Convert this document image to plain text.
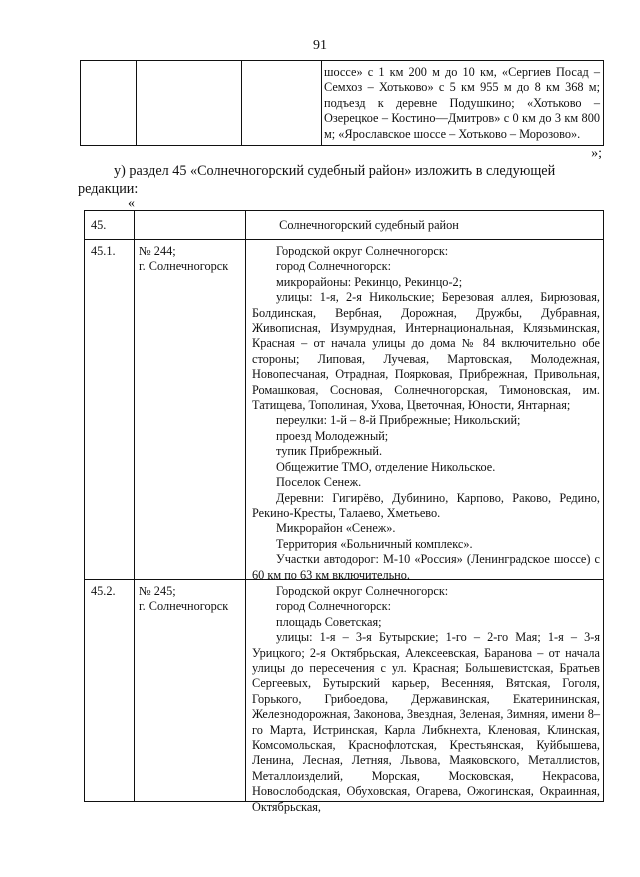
91

шоссе» с 1 км 200 м до 10 км, «Сергиев Посад – Семхоз – Хотьково» с 5 км 955 м до 8 км 368 м; подъезд к деревне Подушкино; «Хотьково – Озерецкое – Костино—Дмитров» с 0 км до 3 км 800 м; «Ярославское шоссе – Хотьково – Морозово».

»;
у) раздел 45 «Солнечногорский судебный район» изложить в следующей
редакции:
«
45.	Солнечногорский судебный район
45.1. № 244;

г. Солнечногорск

Городской округ Солнечногорск:

город Солнечногорск:

микрорайоны: Рекинцо, Рекинцо-2;

улицы: 1-я, 2-я Никольские; Березовая аллея, Бирюзовая, Болдинская, Вербная, Дорожная, Дружбы, Дубравная, Живописная, Изумрудная, Интернациональная, Клязьминская, Красная – от начала улицы до дома № 84 включительно обе стороны; Липовая, Лучевая, Мартовская, Молодежная, Новопесчаная, Отрадная, Поярковая, Прибрежная, Привольная, Ромашковая, Сосновая, Солнечногорская, Тимоновская, им. Татищева, Тополиная, Ухова, Цветочная, Юности, Янтарная;

переулки: 1-й – 8-й Прибрежные; Никольский;

проезд Молодежный;

тупик Прибрежный.

Общежитие ТМО, отделение Никольское.

Поселок Сенеж.

Деревни: Гигирёво, Дубинино, Карпово, Раково, Редино, Рекино-Кресты, Талаево, Хметьево.

Микрорайон «Сенеж».

Территория «Больничный комплекс».

Участки автодорог: М-10 «Россия» (Ленинградское шоссе) с 60 км по 63 км включительно.

45.2. № 245;

г. Солнечногорск

Городской округ Солнечногорск:

город Солнечногорск:

площадь Советская;

улицы: 1-я – 3-я Бутырские; 1-го – 2-го Мая; 1-я – 3-я Урицкого; 2-я Октябрьская, Алексеевская, Баранова – от начала улицы до пересечения с ул. Красная; Большевистская, Братьев Сергеевых, Бутырский карьер, Весенняя, Вятская, Гоголя, Горького, Грибоедова, Державинская, Екатерининская, Железнодорожная, Законова, Звездная, Зеленая, Зимняя, имени 8–го Марта, Истринская, Карла Либкнехта, Кленовая, Клинская, Комсомольская, Краснофлотская, Крестьянская, Куйбышева, Ленина, Лесная, Летняя, Львова, Маяковского, Металлистов, Металлоизделий, Морская, Московская, Некрасова, Новослободская, Обуховская, Огарева, Ожогинская, Окраинная, Октябрьская,
